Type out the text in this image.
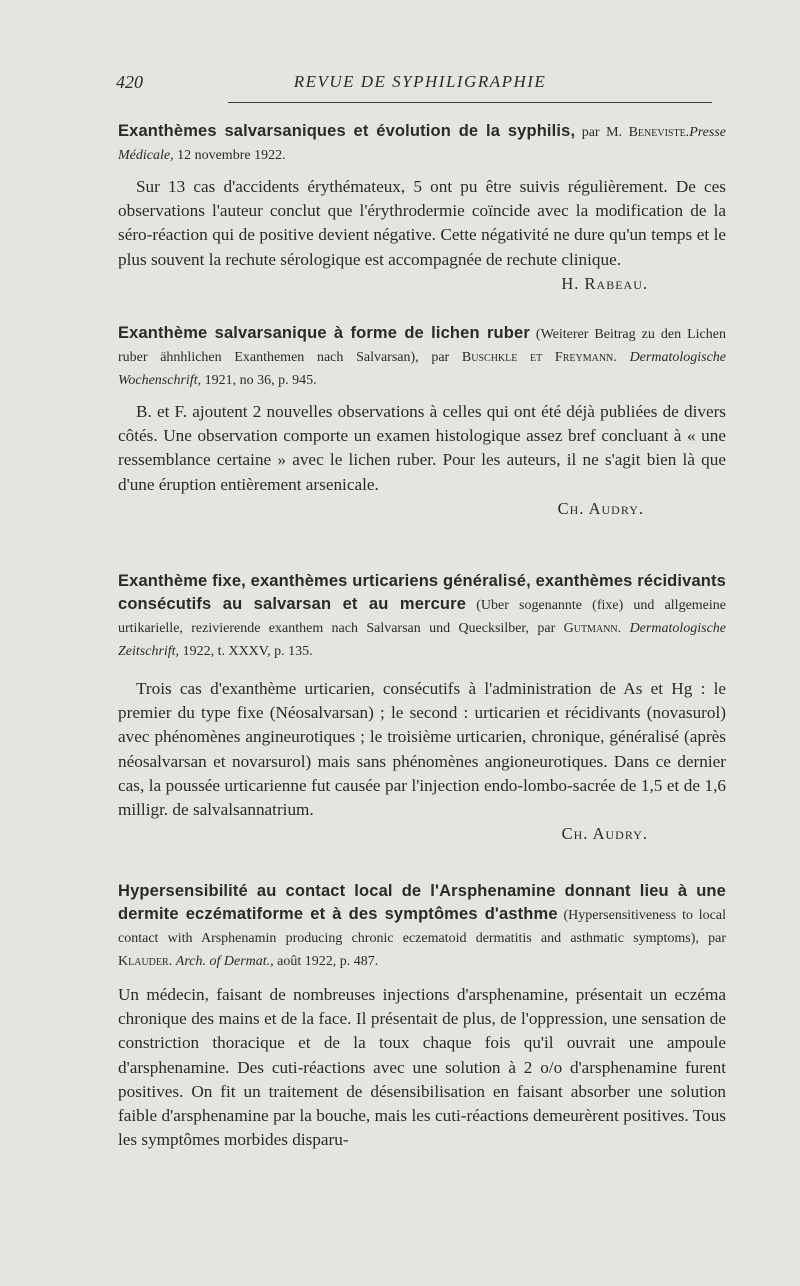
420	REVUE DE SYPHILIGRAPHIE
Exanthèmes salvarsaniques et évolution de la syphilis, par M. Beneviste.Presse Médicale, 12 novembre 1922.

Sur 13 cas d'accidents érythémateux, 5 ont pu être suivis régulièrement. De ces observations l'auteur conclut que l'érythrodermie coïncide avec la modification de la séro-réaction qui de positive devient négative. Cette négativité ne dure qu'un temps et le plus souvent la rechute sérologique est accompagnée de rechute clinique.

H. Rabeau.
Exanthème salvarsanique à forme de lichen ruber (Weiterer Beitrag zu den Lichen ruber ähnhlichen Exanthemen nach Salvarsan), par Buschkle et Freymann. Dermatologische Wochenschrift, 1921, no 36, p. 945.

B. et F. ajoutent 2 nouvelles observations à celles qui ont été déjà publiées de divers côtés. Une observation comporte un examen histologique assez bref concluant à « une ressemblance certaine » avec le lichen ruber. Pour les auteurs, il ne s'agit bien là que d'une éruption entièrement arsenicale.

Ch. Audry.
Exanthème fixe, exanthèmes urticariens généralisé, exanthèmes récidivants consécutifs au salvarsan et au mercure (Uber sogenannte (fixe) und allgemeine urtikarielle, rezivierende exanthem nach Salvarsan und Quecksilber, par Gutmann. Dermatologische Zeitschrift, 1922, t. XXXV, p. 135.

Trois cas d'exanthème urticarien, consécutifs à l'administration de As et Hg : le premier du type fixe (Néosalvarsan) ; le second : urticarien et récidivants (novasurol) avec phénomènes angineurotiques ; le troisième urticarien, chronique, généralisé (après néosalvarsan et novarsurol) mais sans phénomènes angioneurotiques. Dans ce dernier cas, la poussée urticarienne fut causée par l'injection endo-lombo-sacrée de 1,5 et de 1,6 milligr. de salvalsannatrium.

Ch. Audry.
Hypersensibilité au contact local de l'Arsphenamine donnant lieu à une dermite eczématiforme et à des symptômes d'asthme (Hypersensitiveness to local contact with Arsphenamin producing chronic eczematoid dermatitis and asthmatic symptoms), par Klauder. Arch. of Dermat., août 1922, p. 487.

Un médecin, faisant de nombreuses injections d'arsphenamine, présentait un eczéma chronique des mains et de la face. Il présentait de plus, de l'oppression, une sensation de constriction thoracique et de la toux chaque fois qu'il ouvrait une ampoule d'arsphenamine. Des cuti-réactions avec une solution à 2 o/o d'arsphenamine furent positives. On fit un traitement de désensibilisation en faisant absorber une solution faible d'arsphenamine par la bouche, mais les cuti-réactions demeurèrent positives. Tous les symptômes morbides disparu-
